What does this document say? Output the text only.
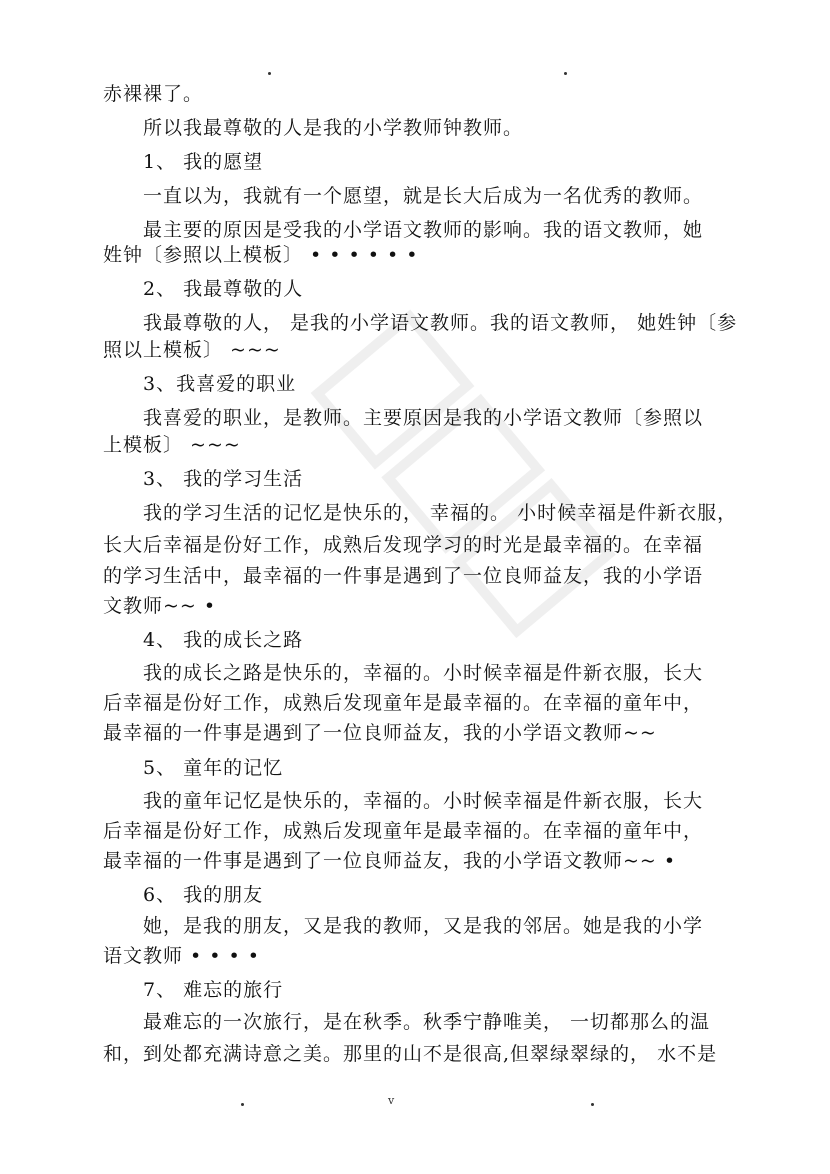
赤裸裸了。
所以我最尊敬的人是我的小学教师钟教师。
1、 我的愿望
一直以为，我就有一个愿望，就是长大后成为一名优秀的教师。
最主要的原因是受我的小学语文教师的影响。我的语文教师，她
姓钟〔参照以上模板〕 • • • • • •
2、 我最尊敬的人
我最尊敬的人， 是我的小学语文教师。我的语文教师， 她姓钟〔参
照以上模板〕 ~~~
3、我喜爱的职业
我喜爱的职业，是教师。主要原因是我的小学语文教师〔参照以
上模板〕 ~~~
3、 我的学习生活
我的学习生活的记忆是快乐的， 幸福的。 小时候幸福是件新衣服，
长大后幸福是份好工作，成熟后发现学习的时光是最幸福的。在幸福
的学习生活中，最幸福的一件事是遇到了一位良师益友，我的小学语
文教师~~ •
4、 我的成长之路
我的成长之路是快乐的，幸福的。小时候幸福是件新衣服，长大
后幸福是份好工作，成熟后发现童年是最幸福的。在幸福的童年中，
最幸福的一件事是遇到了一位良师益友，我的小学语文教师~~
5、 童年的记忆
我的童年记忆是快乐的，幸福的。小时候幸福是件新衣服，长大
后幸福是份好工作，成熟后发现童年是最幸福的。在幸福的童年中，
最幸福的一件事是遇到了一位良师益友，我的小学语文教师~~ •
6、 我的朋友
她，是我的朋友，又是我的教师，又是我的邻居。她是我的小学
语文教师 • • • •
7、 难忘的旅行
最难忘的一次旅行，是在秋季。秋季宁静唯美， 一切都那么的温
和，到处都充满诗意之美。那里的山不是很高,但翠绿翠绿的， 水不是
v
